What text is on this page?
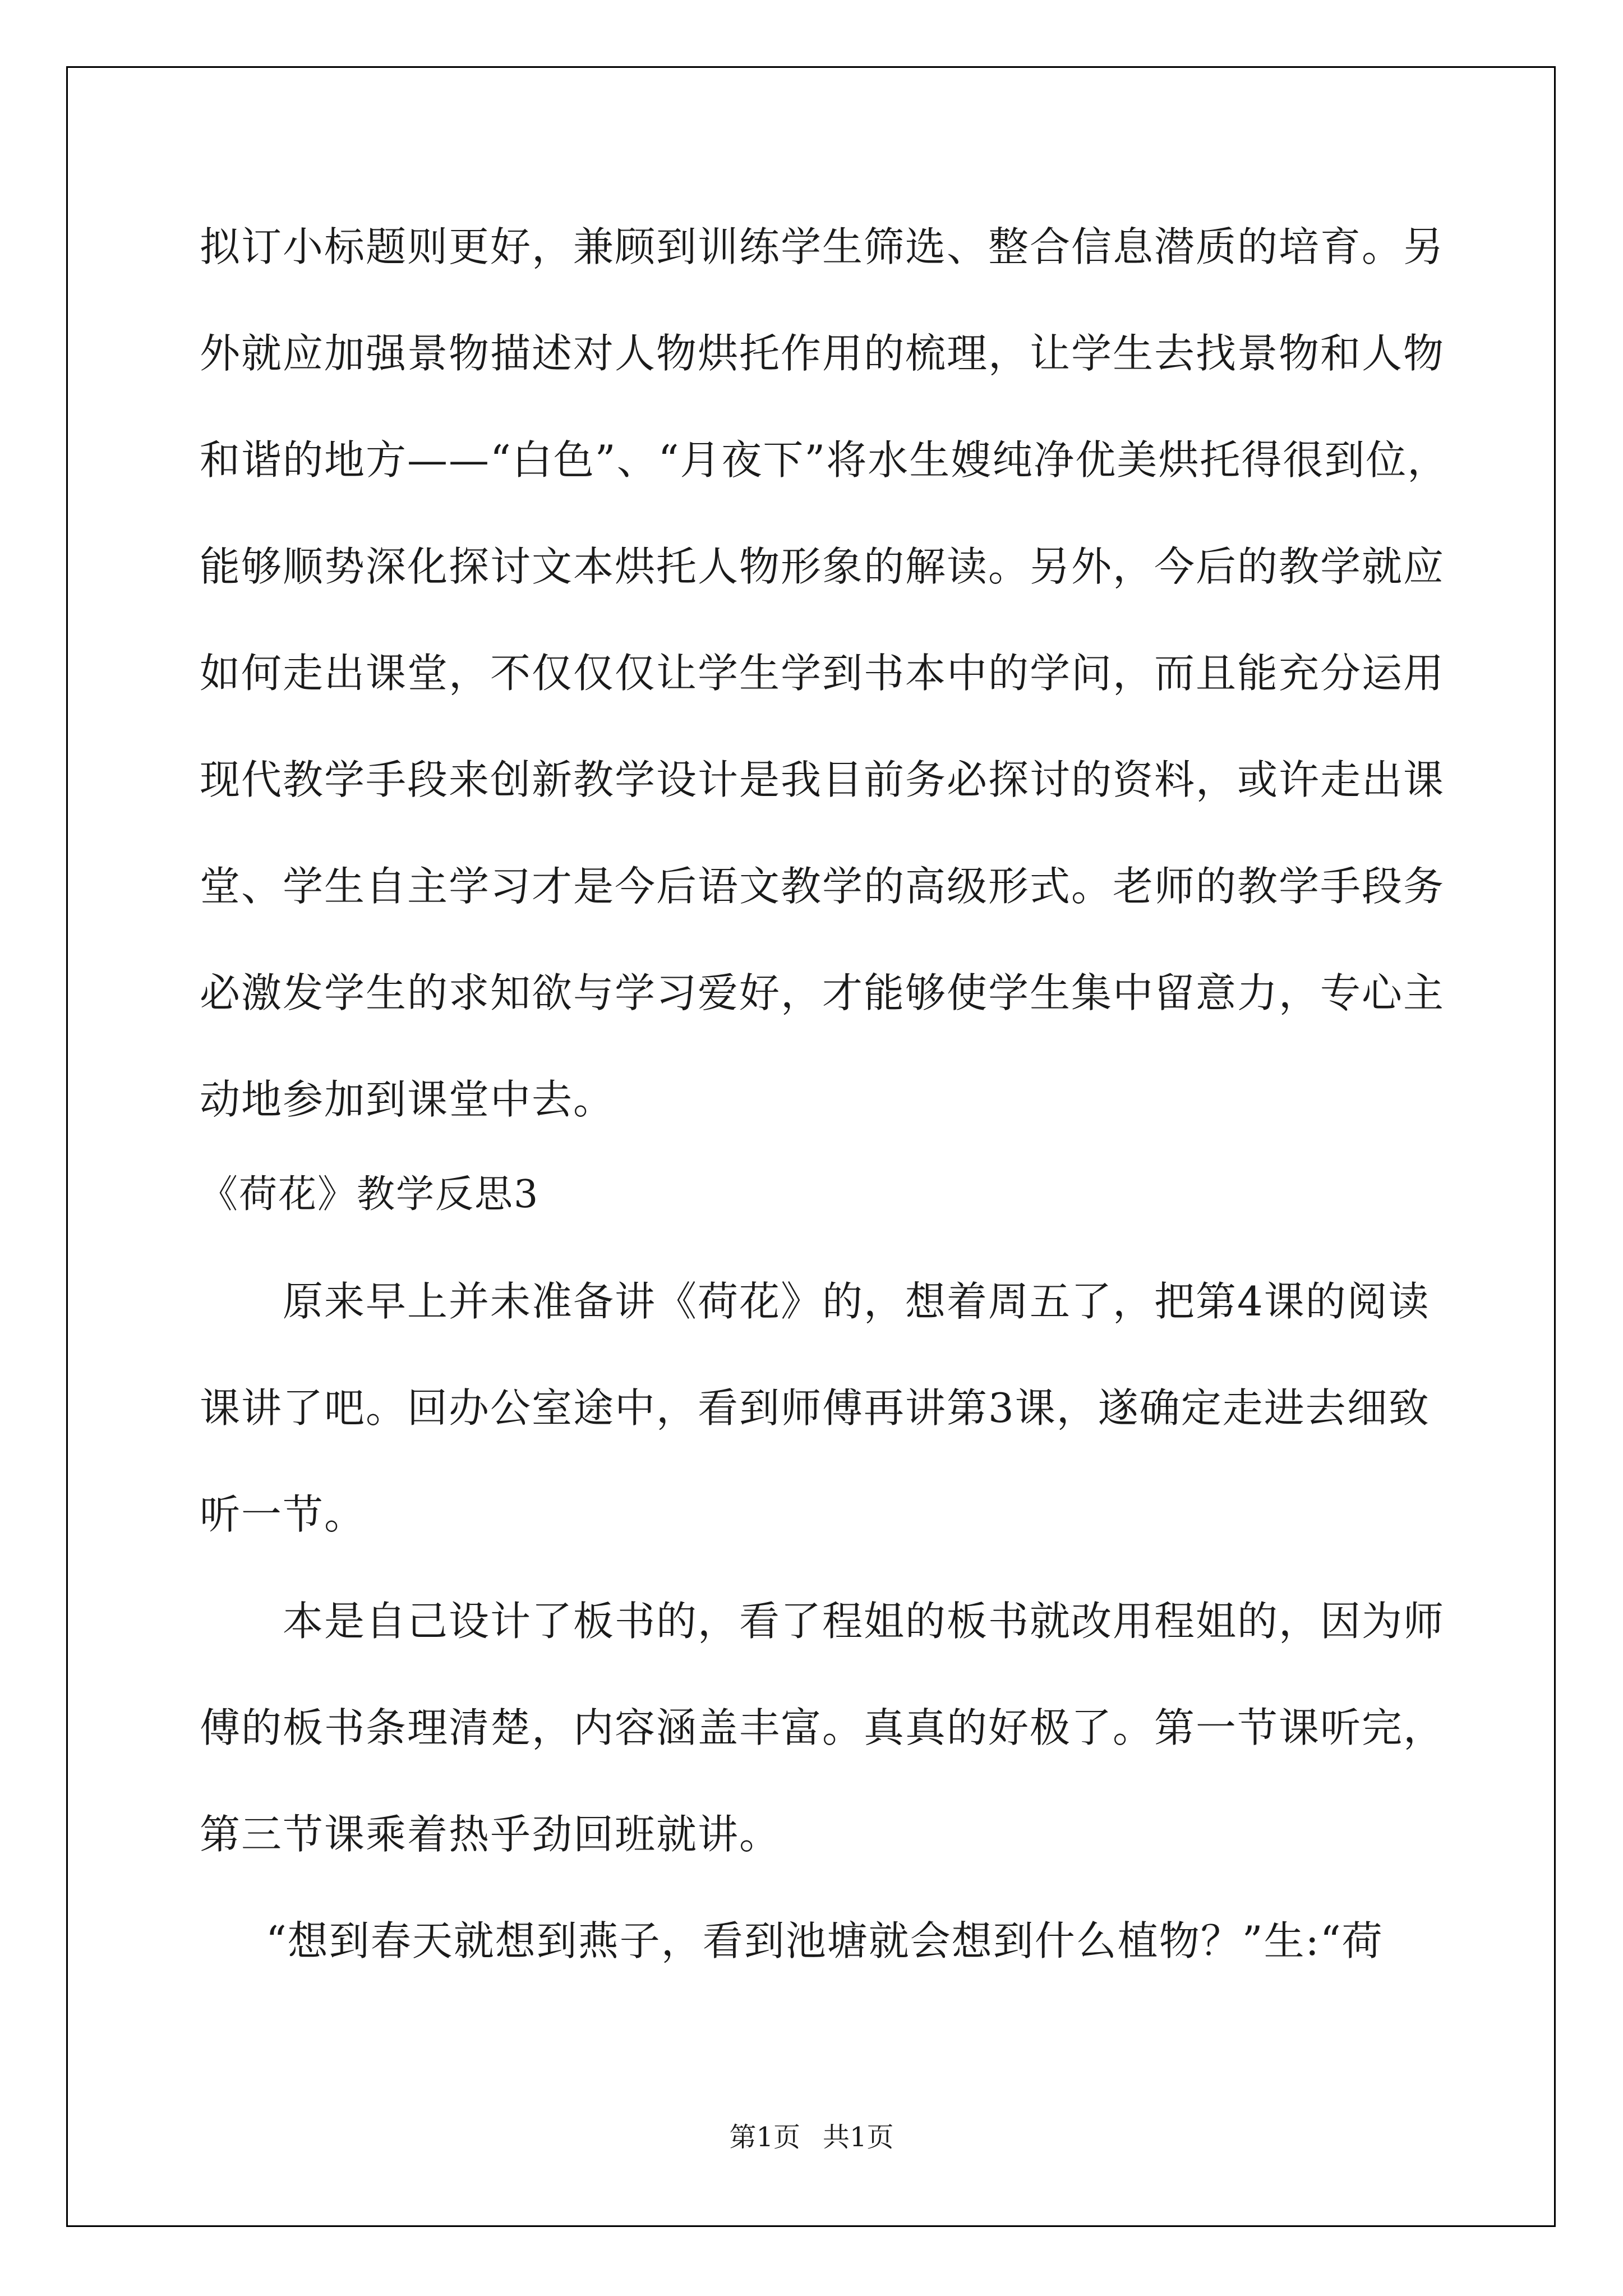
拟订小标题则更好，兼顾到训练学生筛选、整合信息潜质的培育。另
外就应加强景物描述对人物烘托作用的梳理，让学生去找景物和人物
和谐的地方——“白色”、“月夜下”将水生嫂纯净优美烘托得很到位，
能够顺势深化探讨文本烘托人物形象的解读。另外，今后的教学就应
如何走出课堂，不仅仅仅让学生学到书本中的学问，而且能充分运用
现代教学手段来创新教学设计是我目前务必探讨的资料，或许走出课
堂、学生自主学习才是今后语文教学的高级形式。老师的教学手段务
必激发学生的求知欲与学习爱好，才能够使学生集中留意力，专心主
动地参加到课堂中去。
《荷花》教学反思3
原来早上并未准备讲《荷花》的，想着周五了，把第4课的阅读
课讲了吧。回办公室途中，看到师傅再讲第3课，遂确定走进去细致
听一节。
本是自己设计了板书的，看了程姐的板书就改用程姐的，因为师
傅的板书条理清楚，内容涵盖丰富。真真的好极了。第一节课听完，
第三节课乘着热乎劲回班就讲。
“想到春天就想到燕子，看到池塘就会想到什么植物？”生:“荷
第1页 共1页
